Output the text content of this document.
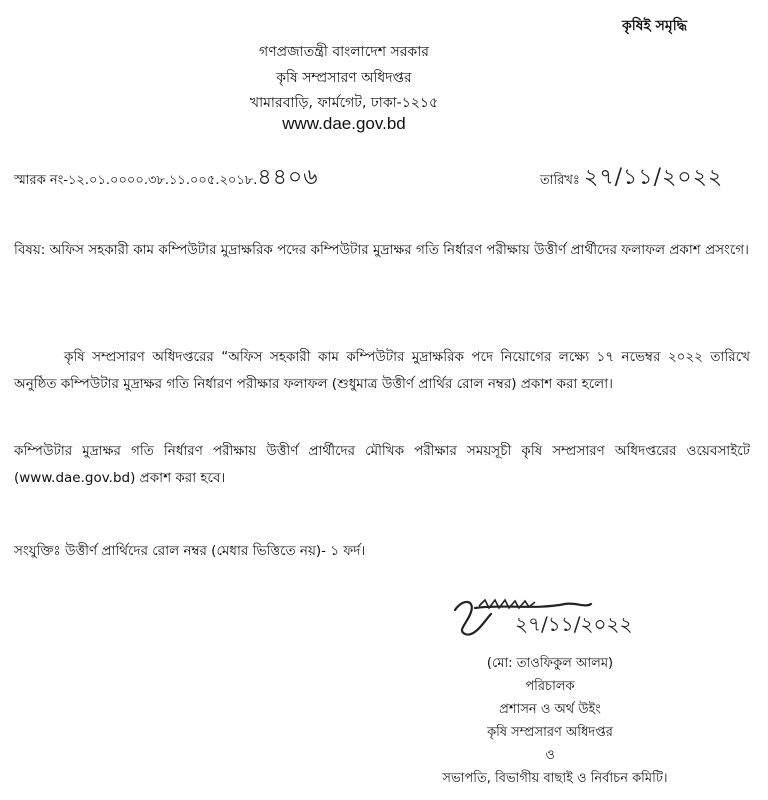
কৃষিই সমৃদ্ধি
গণপ্রজাতন্ত্রী বাংলাদেশ সরকার
কৃষি সম্প্রসারণ অধিদপ্তর
খামারবাড়ি, ফার্মগেট, ঢাকা-১২১৫
www.dae.gov.bd
স্মারক নং-১২.০১.০০০০.৩৮.১১.০০৫.২০১৮.৪৪০৬	তারিখঃ ২৭/১১/২০২২
বিষয়: অফিস সহকারী কাম কম্পিউটার মুদ্রাক্ষরিক পদের কম্পিউটার মুদ্রাক্ষর গতি নির্ধারণ পরীক্ষায় উত্তীর্ণ প্রার্থীদের ফলাফল প্রকাশ প্রসংগে।
কৃষি সম্প্রসারণ অধিদপ্তরের “অফিস সহকারী কাম কম্পিউটার মুদ্রাক্ষরিক পদে নিয়োগের লক্ষ্যে ১৭ নভেম্বর ২০২২ তারিখে অনুষ্ঠিত কম্পিউটার মুদ্রাক্ষর গতি নির্ধারণ পরীক্ষার ফলাফল (শুধুমাত্র উত্তীর্ণ প্রার্থির রোল নম্বর) প্রকাশ করা হলো।
কম্পিউটার মুদ্রাক্ষর গতি নির্ধারণ পরীক্ষায় উত্তীর্ণ প্রার্থীদের মৌখিক পরীক্ষার সময়সূচী কৃষি সম্প্রসারণ অধিদপ্তরের ওয়েবসাইটে (www.dae.gov.bd) প্রকাশ করা হবে।
সংযুক্তিঃ উত্তীর্ণ প্রার্থিদের রোল নম্বর (মেধার ভিত্তিতে নয়)- ১ ফর্দ।
২৭/১১/২০২২
(মো: তাওফিকুল আলম)
পরিচালক
প্রশাসন ও অর্থ উইং
কৃষি সম্প্রসারণ অধিদপ্তর
ও
সভাপতি, বিভাগীয় বাছাই ও নির্বাচন কমিটি।
